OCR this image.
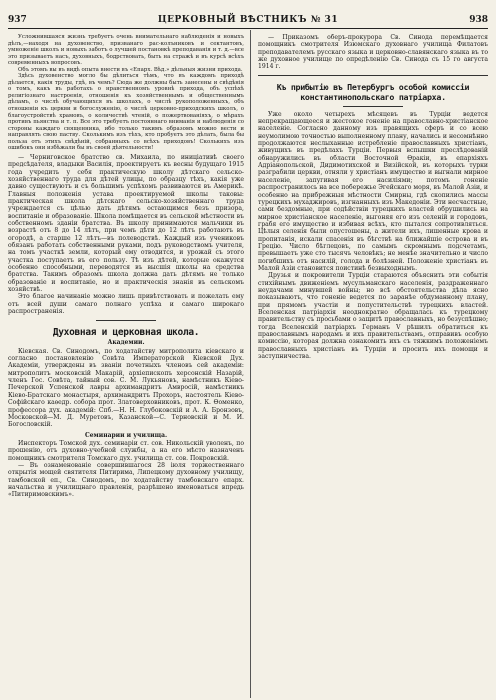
937	ЦЕРКОВНЫЙ ВѢСТНИКЪ № 31	938

Усложнившаяся жизнь требуетъ очень внимательнаго наблюденія и новыхъ дѣлъ,—находя на духовенство, призванаго рас-колъниковъ и сектантовъ, умноженіе школъ и новыхъ заботъ о лучшей постановкѣ преподаванія и т. д.—все это призываетъ насъ, духовныхъ, бодрствовать, быть на стражѣ и въ курсѣ всѣхъ современныхъ вопросовъ.

Объ этомъ вы въ видѣ опыта внести въ «Епарх. Вѣд.» дѣльныя жизни прихода.

Здѣсь духовенство могло бы дѣлиться тѣмъ, что въ каждомъ приходѣ дѣлается, какія труды, гдѣ, въ чемъ? Сюда же должны быть занесены и свѣдѣнія о томъ, какъ въ работахъ о нравственномъ уровнѣ прихода, объ успѣхѣ религіознаго настроенія, отношенія къ хозяйственнымъ и общественнымъ дѣламъ, о числѣ обучающихся въ школахъ, о числѣ рукоположенныхъ, объ отношеніи къ церкви и богослуженію, о числѣ церковно-приходскихъ школъ, о благоустройствѣ храмовъ, о количествѣ чтеній, о пожертвованіяхъ, о мѣрахъ противъ пьянства и т. п. Все это требуетъ постояннаго вниманія и наблюденія со стороны каждаго священника, ибо только такимъ образомъ можно вести и направлять свою паству. Сколькимъ изъ тѣхъ, кто пробуетъ это дѣлать, была бы польза отъ этихъ свѣдѣній, собранныхъ со всѣхъ приходовъ! Сколькихъ изъ ошибокъ они избѣжали бы въ своей дѣятельности!

— Черниговское братство св. Михаила, по иниціативѣ своего предсѣдателя, владыки Василія, проектируетъ къ весны будущаго 1915 года учредить у себя практическую школу дѣтскаго сельско-хозяйственнаго труда для дѣтей улицы, по образцу тѣхъ, какія уже давно существуютъ и съ большимъ успѣхомъ развиваются въ Америкѣ. Главныя положенія устава проектируемой школы таковы: практическая школа дѣтскаго сельско-хозяйственнаго труда учреждается съ цѣлью дать дѣтямъ остающимся безъ призора, воспитаніе и образованіе. Школа помѣщается въ сельской мѣстности въ собственномъ зданіи братства. Въ школу принимаются мальчики въ возрастѣ отъ 8 до 14 лѣтъ, при чемъ дѣти до 12 лѣтъ работаютъ въ огородѣ, а старше 12 лѣтъ—въ полеводствѣ. Каждый изъ учениковъ обязанъ работать собственными руками, подъ руководствомъ учителя, на томъ участкѣ земли, который ему отводится, и урожай съ этого участка поступаетъ въ его пользу. Тѣ изъ дѣтей, которые окажутся особенно способными, переводятся въ высшія школы на средства братства. Такимъ образомъ школа должна дать дѣтямъ не только образованіе и воспитаніе, но и практическія знанія въ сельскомъ хозяйствѣ.

Это благое начинаніе можно лишь привѣтствовать и пожелать ему отъ всей души самаго полнаго успѣха и самаго широкаго распространенія.

Духовная и церковная школа.
Академии.

Кіевская. Св. Синодомъ, по ходатайству митрополита кіевскаго и согласно постановленію Совѣта Императорской Кіевской Дух. Академіи, утверждены въ званіи почетныхъ членовъ сей академіи: митрополитъ московскій Макарій, архіепископъ херсонскій Назарій, членъ Гос. Совѣта, тайный сов. С. М. Лукьяновъ, намѣстникъ Кіево-Печерской Успенской лавры архимандритъ Амвросій, намѣстникъ Кіево-Братскаго монастыря, архимандритъ Прохоръ, настоятель Кіево-Софійскаго каѳедр. собора прот. Златоверховниковъ, прот. К. Ѳоменко, профессора дух. академій: Спб.—Н. Н. Глубоковскій и А. А. Бронзовъ, Московской—М. Д. Муретовъ, Казанской—С. Терновскій и М. И. Богословскій.

Семинарии и училища.

Инспекторъ Томской дух. семинаріи ст. сов. Никольскій уволенъ, по прошенію, отъ духовно-учебной службы, а на его мѣсто назначенъ помощникъ смотрителя Томскаго дух. училища ст. сов. Покровскій.

— Въ ознаменованіе совершившагося 28 іюля торжественнаго открытія мощей святителя Питирима, Липецкому духовному училищу, тамбовской еп., Св. Синодомъ, по ходатайству тамбовскаго епарх. начальства и училищнаго правленія, разрѣшено именоваться впредь «Питиримовскимъ».

— Приказомъ оберъ-прокурора Св. Синода перемѣщается помощникъ смотрителя Изюмскаго духовнаго училища Филатовъ преподавателемъ русскаго языка и церковно-славянскаго языка въ то же духовное училище по опредѣленію Св. Синода съ 15 го августа 1914 г.

Къ прибытію въ Петербургъ особой комиссіи константинопольскаго патріарха.

Уже около четырехъ мѣсяцевъ въ Турціи ведется непрекращающееся и жестокое гоненіе на православно-христіанское населеніе. Согласно данному изъ правящихъ сферъ и со всею неумолимою точностью выполненному плану, начались и несомнѣнно продолжаются неслыханные истребленіе православныхъ христіанъ, живущихъ въ предѣлахъ Турціи. Первыя вспышки преслѣдованій обнаружились въ области Восточной Ѳракіи, въ епархіяхъ Адріанопольской, Дидимотихской и Визійской, въ которыхъ турки разграбили церкви, отняли у христіанъ имущество и выгнали мирное населеніе, запугивая его насиліями; потомъ гоненіе распространилось на все побережье Эгейскаго моря, въ Малой Азіи, и особенно на прибрежныя мѣстности Смирны, гдѣ скопились массы турецкихъ мухаджировъ, изгнанныхъ изъ Македоніи. Эти несчастные, сами бездомные, при содѣйствіи турецкихъ властей обрушились на мирное христіанское населеніе, выгоняя его изъ селеній и городовъ, грабя его имущество и избивая всѣхъ, кто пытался сопротивляться. Цѣлыя селенія были опустошены, а жители ихъ, лишенные крова и пропитанія, искали спасенія въ бѣгствѣ на ближайшіе острова и въ Грецію. Число бѣглецовъ, по самымъ скромнымъ подсчетамъ, превышаетъ уже сто тысячъ человѣкъ; не менѣе значительно и число погибшихъ отъ насилій, голода и болѣзней. Положеніе христіанъ въ Малой Азіи становится поистинѣ безвыходнымъ.

Друзья и покровители Турціи стараются объяснить эти событія стихійнымъ движеніемъ мусульманскаго населенія, раздраженнаго неудачами минувшей войны; но всѣ обстоятельства дѣла ясно показываютъ, что гоненіе ведется по заранѣе обдуманному плану, при прямомъ участіи и попустительствѣ турецкихъ властей. Вселенская патріархія неоднократно обращалась къ турецкому правительству съ просьбами о защитѣ православныхъ, но безуспѣшно; тогда Вселенскій патріархъ Германъ V рѣшилъ обратиться къ православнымъ народамъ и ихъ правительствамъ, отправивъ особую комиссію, которая должна ознакомить ихъ съ тяжкимъ положеніемъ православныхъ христіанъ въ Турціи и просить ихъ помощи и заступничества.
